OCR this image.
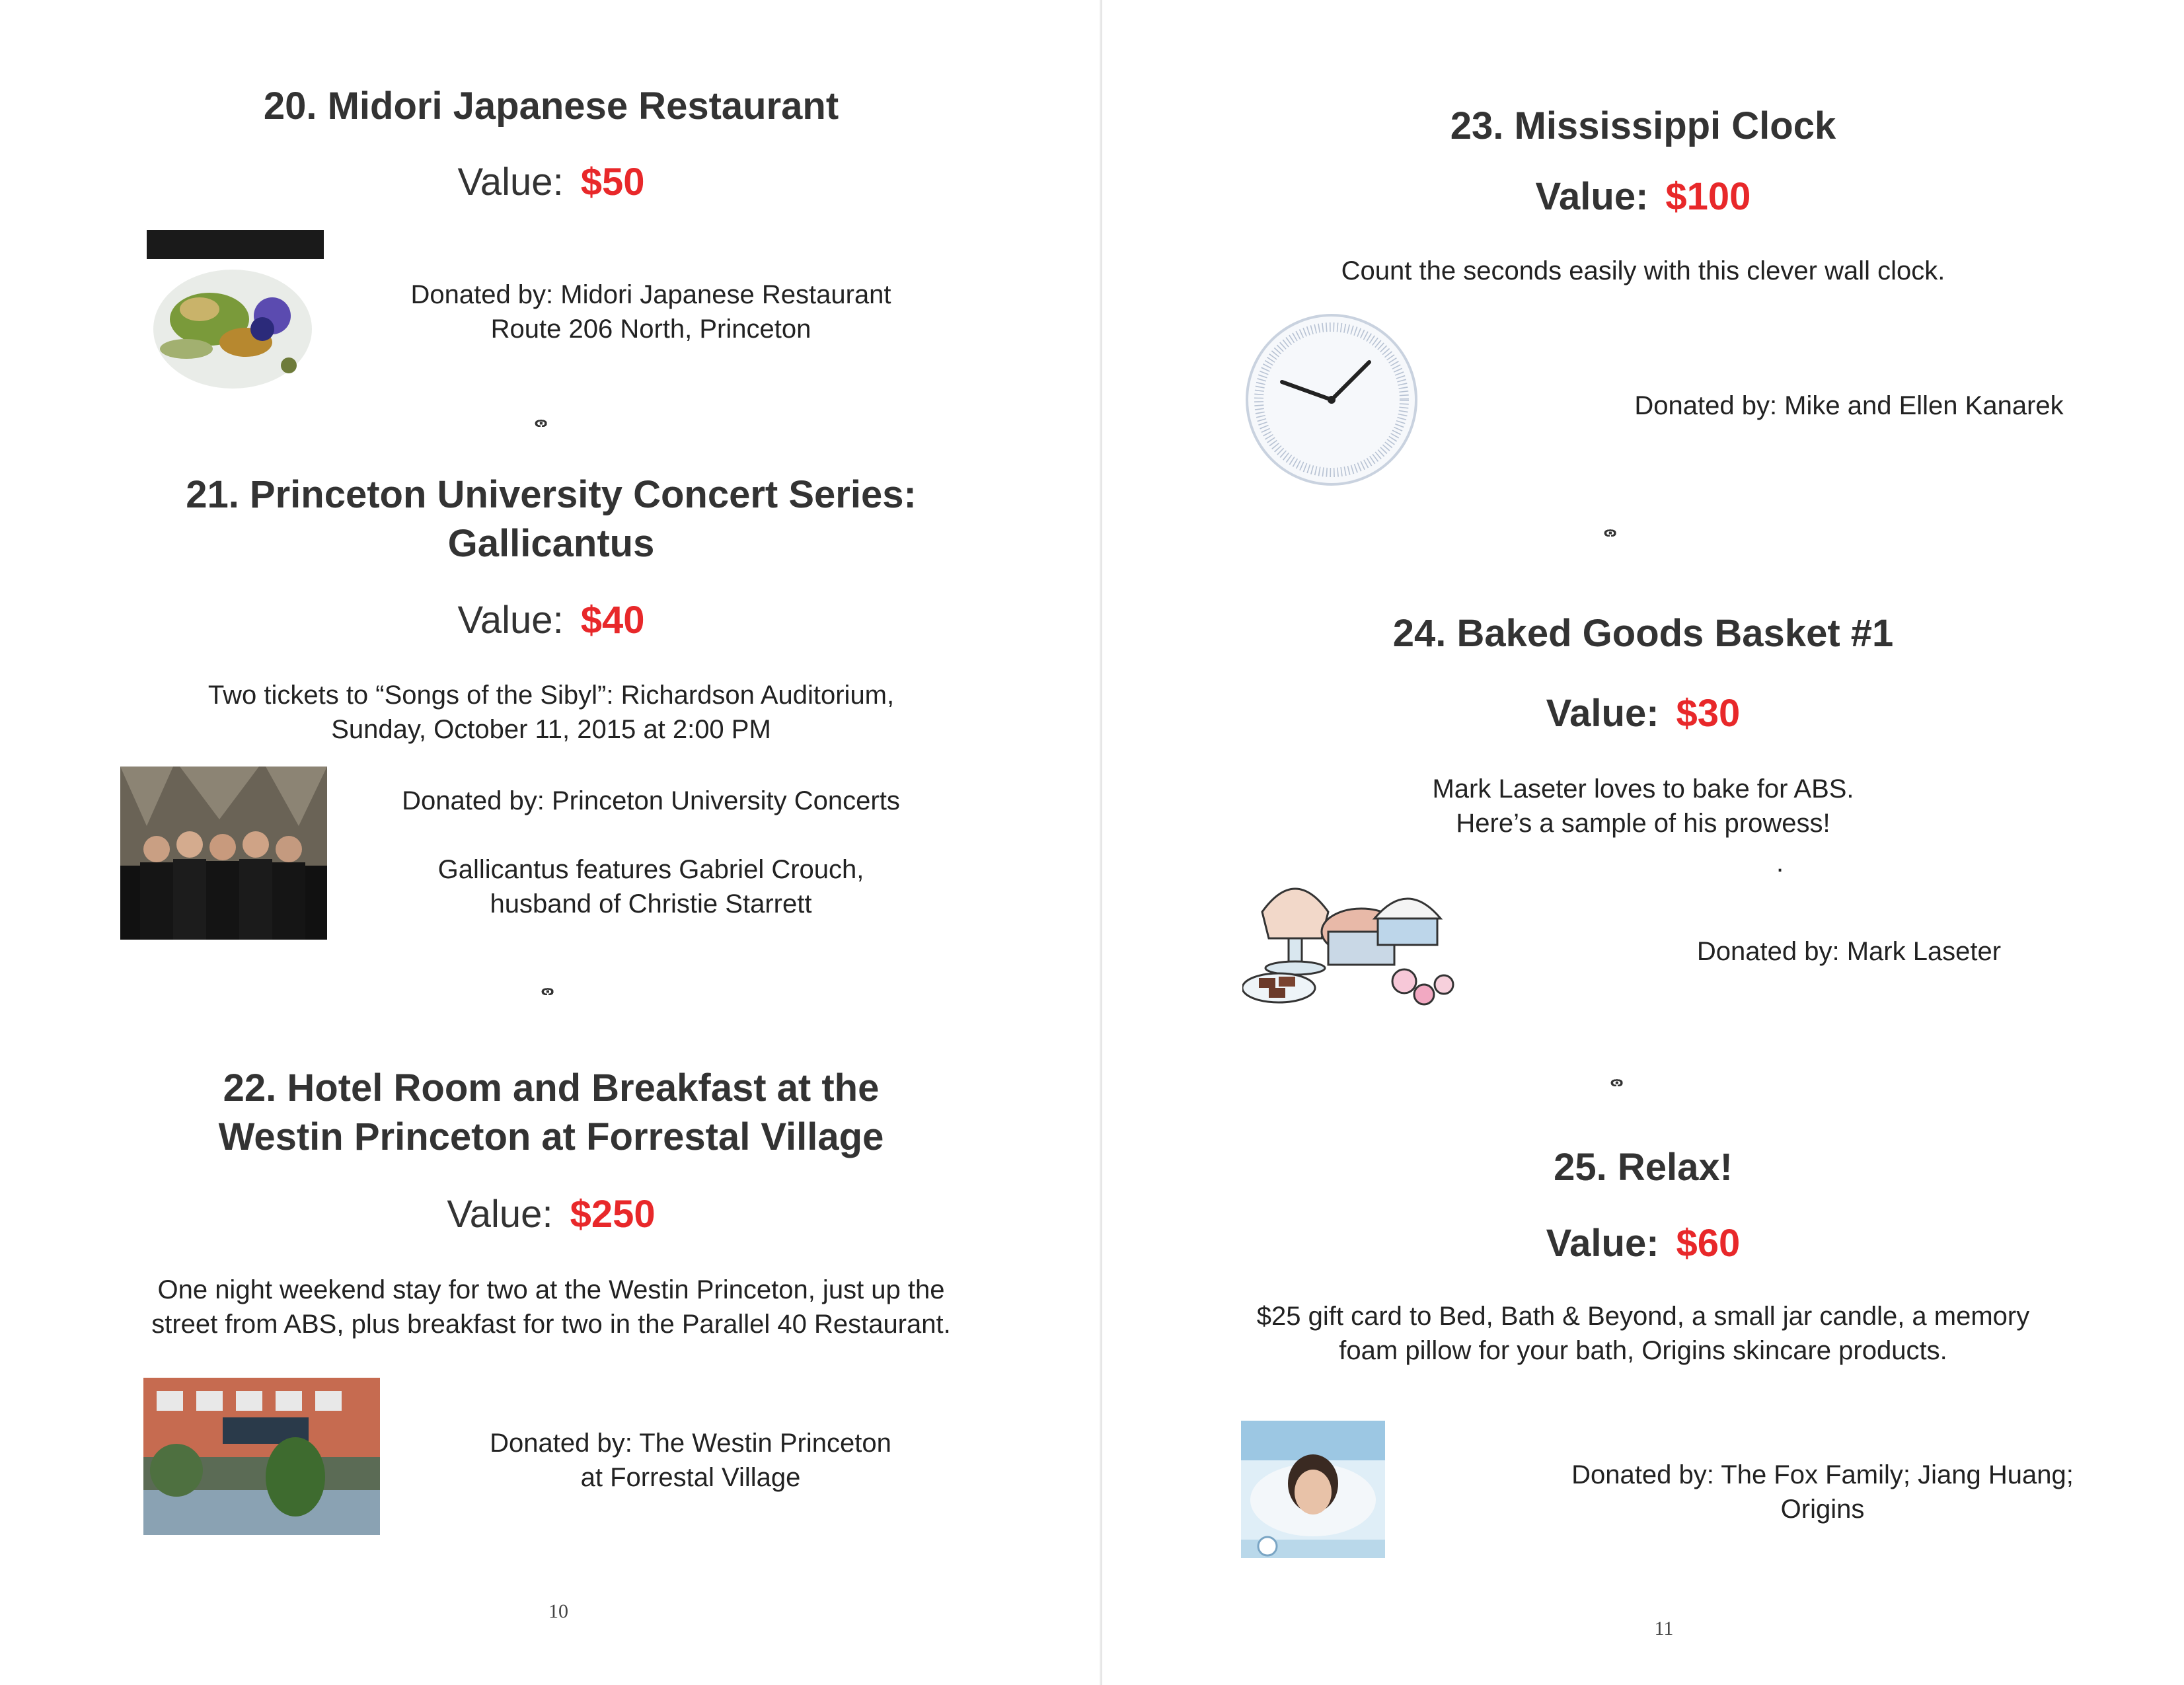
20. Midori Japanese Restaurant
Value: $50
Donated by: Midori Japanese Restaurant
Route 206 North, Princeton
21. Princeton University Concert Series:
Gallicantus
Value: $40
Two tickets to “Songs of the Sibyl”: Richardson Auditorium,
Sunday, October 11, 2015 at 2:00 PM
Donated by: Princeton University Concerts
Gallicantus features Gabriel Crouch,
husband of Christie Starrett
22. Hotel Room and Breakfast at the
Westin Princeton at Forrestal Village
Value: $250
One night weekend stay for two at the Westin Princeton, just up the
street from ABS, plus breakfast for two in the Parallel 40 Restaurant.
Donated by: The Westin Princeton
at Forrestal Village
10
23. Mississippi Clock
Value: $100
Count the seconds easily with this clever wall clock.
Donated by: Mike and Ellen Kanarek
24. Baked Goods Basket #1
Value: $30
Mark Laseter loves to bake for ABS.
Here’s a sample of his prowess!
.
Donated by: Mark Laseter
25. Relax!
Value: $60
$25 gift card to Bed, Bath & Beyond, a small jar candle, a memory
foam pillow for your bath, Origins skincare products.
Donated by: The Fox Family; Jiang Huang;
Origins
11
